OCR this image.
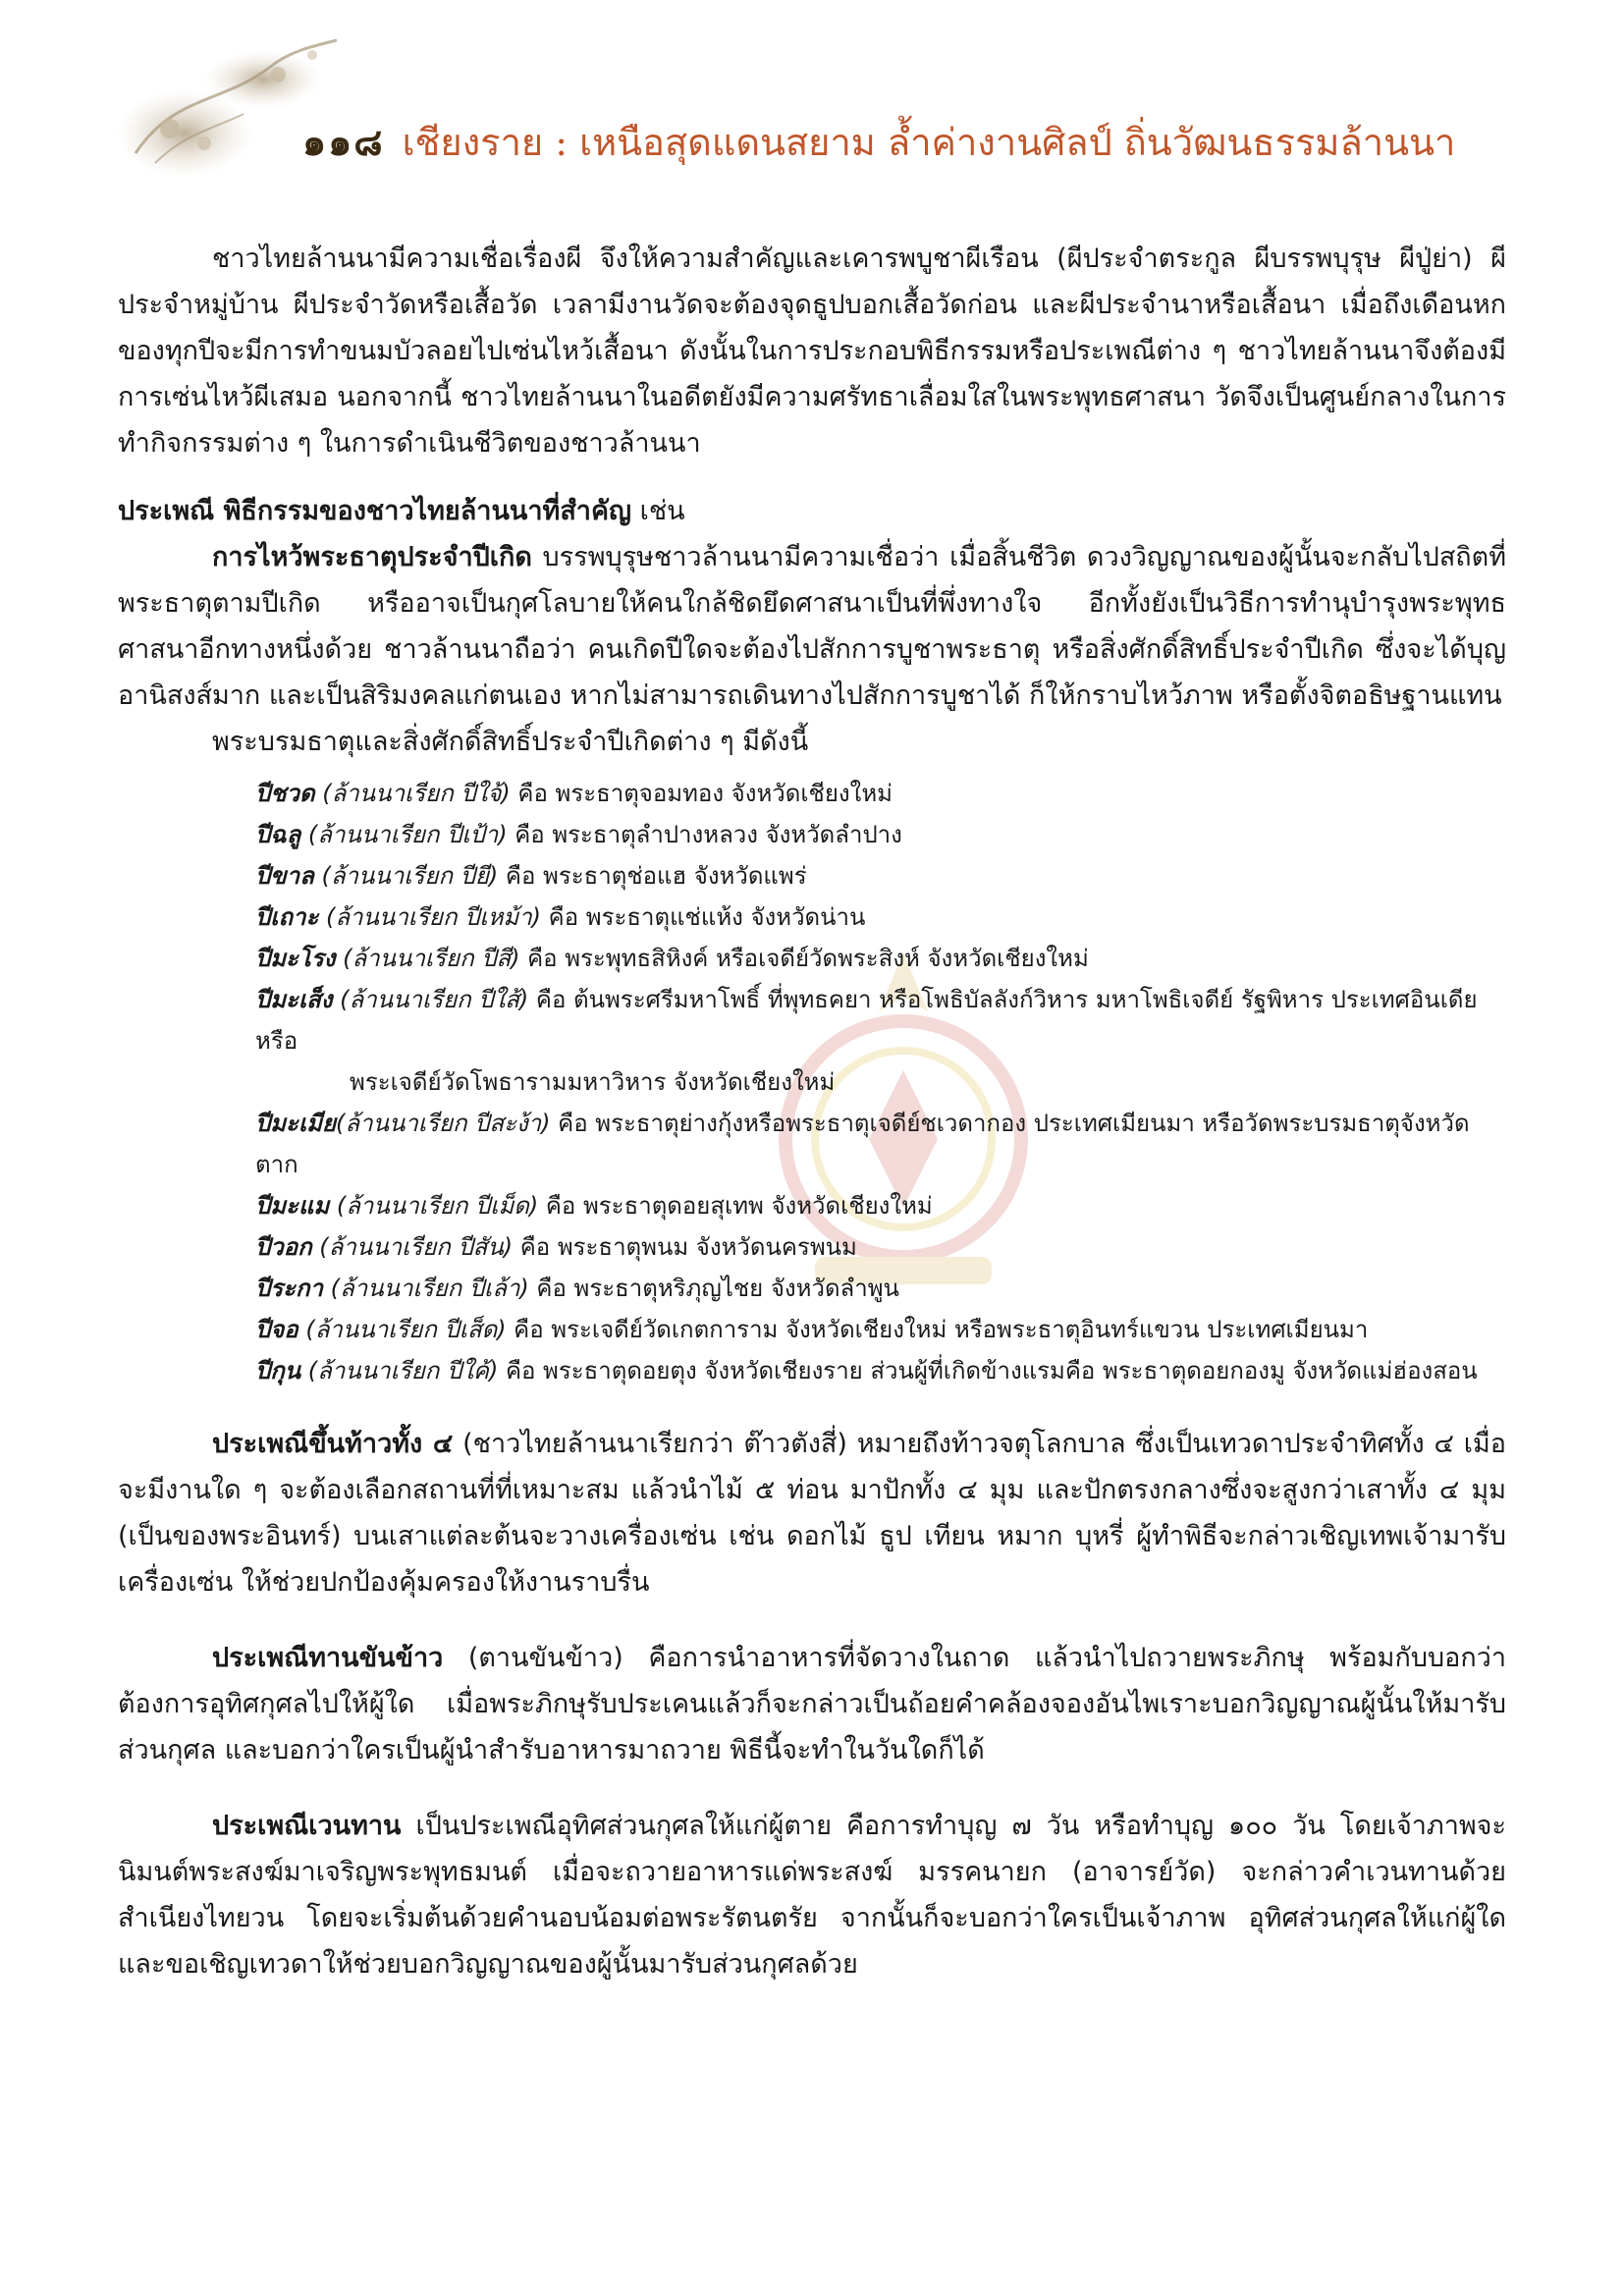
๑๑๘ เชียงราย : เหนือสุดแดนสยาม ล้ำค่างานศิลป์ ถิ่นวัฒนธรรมล้านนา

ชาวไทยล้านนามีความเชื่อเรื่องผี จึงให้ความสำคัญและเคารพบูชาผีเรือน (ผีประจำตระกูล ผีบรรพบุรุษ ผีปู่ย่า) ผีประจำหมู่บ้าน ผีประจำวัดหรือเสื้อวัด เวลามีงานวัดจะต้องจุดธูปบอกเสื้อวัดก่อน และผีประจำนาหรือเสื้อนา เมื่อถึงเดือนหกของทุกปีจะมีการทำขนมบัวลอยไปเซ่นไหว้เสื้อนา ดังนั้นในการประกอบพิธีกรรมหรือประเพณีต่าง ๆ ชาวไทยล้านนาจึงต้องมีการเซ่นไหว้ผีเสมอ นอกจากนี้ ชาวไทยล้านนาในอดีตยังมีความศรัทธาเลื่อมใสในพระพุทธศาสนา วัดจึงเป็นศูนย์กลางในการทำกิจกรรมต่าง ๆ ในการดำเนินชีวิตของชาวล้านนา

ประเพณี พิธีกรรมของชาวไทยล้านนาที่สำคัญ เช่น

การไหว้พระธาตุประจำปีเกิด บรรพบุรุษชาวล้านนามีความเชื่อว่า เมื่อสิ้นชีวิต ดวงวิญญาณของผู้นั้นจะกลับไปสถิตที่พระธาตุตามปีเกิด หรืออาจเป็นกุศโลบายให้คนใกล้ชิดยึดศาสนาเป็นที่พึ่งทางใจ อีกทั้งยังเป็นวิธีการทำนุบำรุงพระพุทธศาสนาอีกทางหนึ่งด้วย ชาวล้านนาถือว่า คนเกิดปีใดจะต้องไปสักการบูชาพระธาตุ หรือสิ่งศักดิ์สิทธิ์ประจำปีเกิด ซึ่งจะได้บุญอานิสงส์มาก และเป็นสิริมงคลแก่ตนเอง หากไม่สามารถเดินทางไปสักการบูชาได้ ก็ให้กราบไหว้ภาพ หรือตั้งจิตอธิษฐานแทน

พระบรมธาตุและสิ่งศักดิ์สิทธิ์ประจำปีเกิดต่าง ๆ มีดังนี้

ปีชวด (ล้านนาเรียก ปีใจ้) คือ พระธาตุจอมทอง จังหวัดเชียงใหม่
ปีฉลู (ล้านนาเรียก ปีเป้า) คือ พระธาตุลำปางหลวง จังหวัดลำปาง
ปีขาล (ล้านนาเรียก ปียี) คือ พระธาตุช่อแฮ จังหวัดแพร่
ปีเถาะ (ล้านนาเรียก ปีเหม้า) คือ พระธาตุแช่แห้ง จังหวัดน่าน
ปีมะโรง (ล้านนาเรียก ปีสี) คือ พระพุทธสิหิงค์ หรือเจดีย์วัดพระสิงห์ จังหวัดเชียงใหม่
ปีมะเส็ง (ล้านนาเรียก ปีใส้) คือ ต้นพระศรีมหาโพธิ์ ที่พุทธคยา หรือโพธิบัลลังก์วิหาร มหาโพธิเจดีย์ รัฐพิหาร ประเทศอินเดีย หรือ
พระเจดีย์วัดโพธารามมหาวิหาร จังหวัดเชียงใหม่
ปีมะเมีย(ล้านนาเรียก ปีสะง้า) คือ พระธาตุย่างกุ้งหรือพระธาตุเจดีย์ชเวดากอง ประเทศเมียนมา หรือวัดพระบรมธาตุจังหวัดตาก
ปีมะแม (ล้านนาเรียก ปีเม็ด) คือ พระธาตุดอยสุเทพ จังหวัดเชียงใหม่
ปีวอก (ล้านนาเรียก ปีสัน) คือ พระธาตุพนม จังหวัดนครพนม
ปีระกา (ล้านนาเรียก ปีเล้า) คือ พระธาตุหริภุญไชย จังหวัดลำพูน
ปีจอ (ล้านนาเรียก ปีเส็ด) คือ พระเจดีย์วัดเกตการาม จังหวัดเชียงใหม่ หรือพระธาตุอินทร์แขวน ประเทศเมียนมา
ปีกุน (ล้านนาเรียก ปีใค้) คือ พระธาตุดอยตุง จังหวัดเชียงราย ส่วนผู้ที่เกิดข้างแรมคือ พระธาตุดอยกองมู จังหวัดแม่ฮ่องสอน

ประเพณีขึ้นท้าวทั้ง ๔ (ชาวไทยล้านนาเรียกว่า ต๊าวตังสี่) หมายถึงท้าวจตุโลกบาล ซึ่งเป็นเทวดาประจำทิศทั้ง ๔ เมื่อจะมีงานใด ๆ จะต้องเลือกสถานที่ที่เหมาะสม แล้วนำไม้ ๕ ท่อน มาปักทั้ง ๔ มุม และปักตรงกลางซึ่งจะสูงกว่าเสาทั้ง ๔ มุม (เป็นของพระอินทร์) บนเสาแต่ละต้นจะวางเครื่องเซ่น เช่น ดอกไม้ ธูป เทียน หมาก บุหรี่ ผู้ทำพิธีจะกล่าวเชิญเทพเจ้ามารับเครื่องเซ่น ให้ช่วยปกป้องคุ้มครองให้งานราบรื่น

ประเพณีทานขันข้าว (ตานขันข้าว) คือการนำอาหารที่จัดวางในถาด แล้วนำไปถวายพระภิกษุ พร้อมกับบอกว่าต้องการอุทิศกุศลไปให้ผู้ใด เมื่อพระภิกษุรับประเคนแล้วก็จะกล่าวเป็นถ้อยคำคล้องจองอันไพเราะบอกวิญญาณผู้นั้นให้มารับส่วนกุศล และบอกว่าใครเป็นผู้นำสำรับอาหารมาถวาย พิธีนี้จะทำในวันใดก็ได้

ประเพณีเวนทาน เป็นประเพณีอุทิศส่วนกุศลให้แก่ผู้ตาย คือการทำบุญ ๗ วัน หรือทำบุญ ๑๐๐ วัน โดยเจ้าภาพจะนิมนต์พระสงฆ์มาเจริญพระพุทธมนต์ เมื่อจะถวายอาหารแด่พระสงฆ์ มรรคนายก (อาจารย์วัด) จะกล่าวคำเวนทานด้วยสำเนียงไทยวน โดยจะเริ่มต้นด้วยคำนอบน้อมต่อพระรัตนตรัย จากนั้นก็จะบอกว่าใครเป็นเจ้าภาพ อุทิศส่วนกุศลให้แก่ผู้ใด และขอเชิญเทวดาให้ช่วยบอกวิญญาณของผู้นั้นมารับส่วนกุศลด้วย
